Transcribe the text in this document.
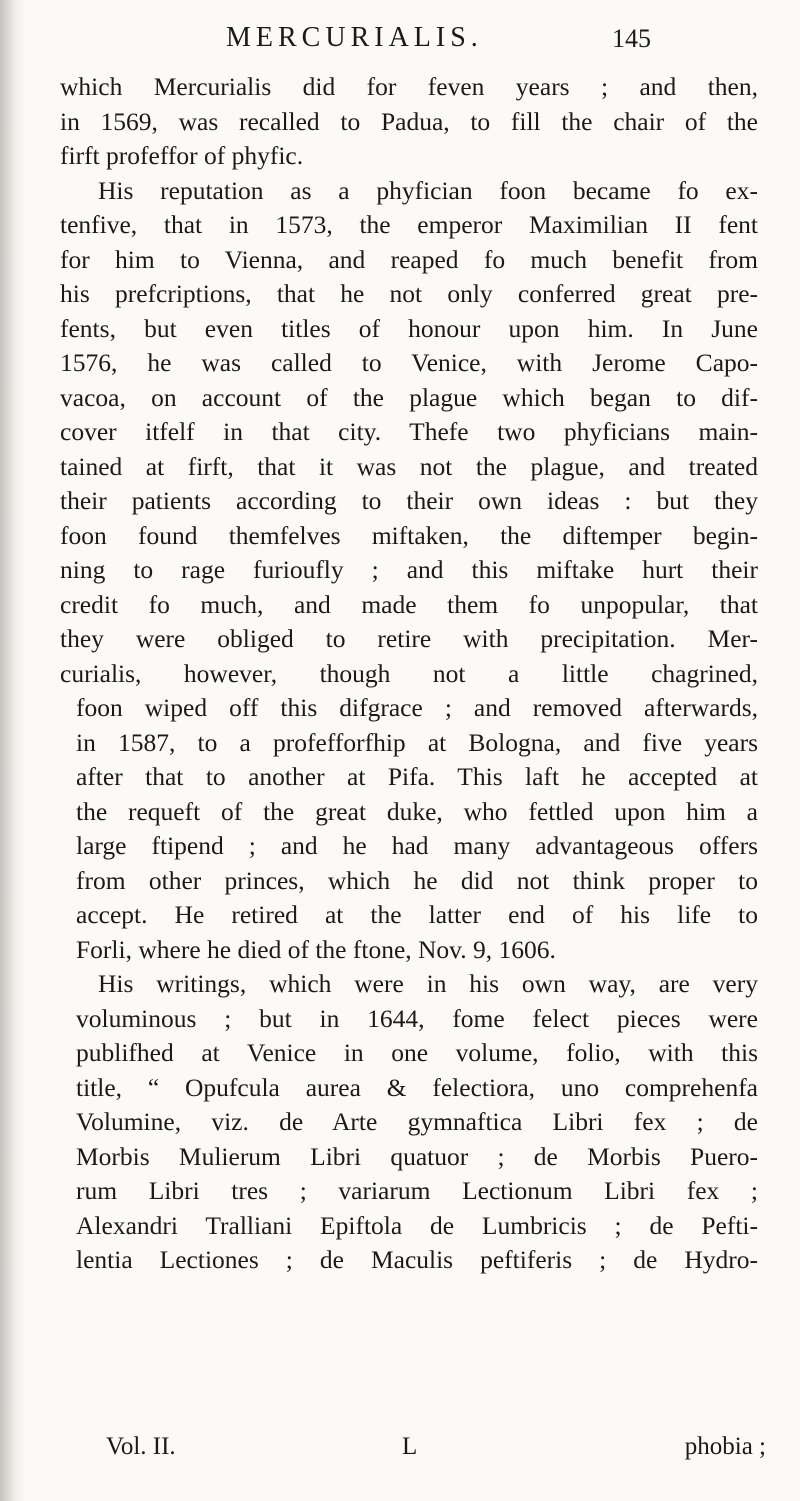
MERCURIALIS.	145
which Mercurialis did for feven years ; and then,
in 1569, was recalled to Padua, to fill the chair of the
firft profeffor of phyfic.
His reputation as a phyfician foon became fo ex-
tenfive, that in 1573, the emperor Maximilian II fent
for him to Vienna, and reaped fo much benefit from
his prefcriptions, that he not only conferred great pre-
fents, but even titles of honour upon him. In June
1576, he was called to Venice, with Jerome Capo-
vacoa, on account of the plague which began to dif-
cover itfelf in that city. Thefe two phyficians main-
tained at firft, that it was not the plague, and treated
their patients according to their own ideas : but they
foon found themfelves miftaken, the diftemper begin-
ning to rage furioufly ; and this miftake hurt their
credit fo much, and made them fo unpopular, that
they were obliged to retire with precipitation. Mer-
curialis, however, though not a little chagrined,
foon wiped off this difgrace ; and removed afterwards,
in 1587, to a profefforfhip at Bologna, and five years
after that to another at Pifa. This laft he accepted at
the requeft of the great duke, who fettled upon him a
large ftipend ; and he had many advantageous offers
from other princes, which he did not think proper to
accept. He retired at the latter end of his life to
Forli, where he died of the ftone, Nov. 9, 1606.
His writings, which were in his own way, are very
voluminous ; but in 1644, fome felect pieces were
publifhed at Venice in one volume, folio, with this
title, “ Opufcula aurea & felectiora, uno comprehenfa
Volumine, viz. de Arte gymnaftica Libri fex ; de
Morbis Mulierum Libri quatuor ; de Morbis Puero-
rum Libri tres ; variarum Lectionum Libri fex ;
Alexandri Tralliani Epiftola de Lumbricis ; de Pefti-
lentia Lectiones ; de Maculis peftiferis ; de Hydro-
Vol. II.	L	phobia ;
